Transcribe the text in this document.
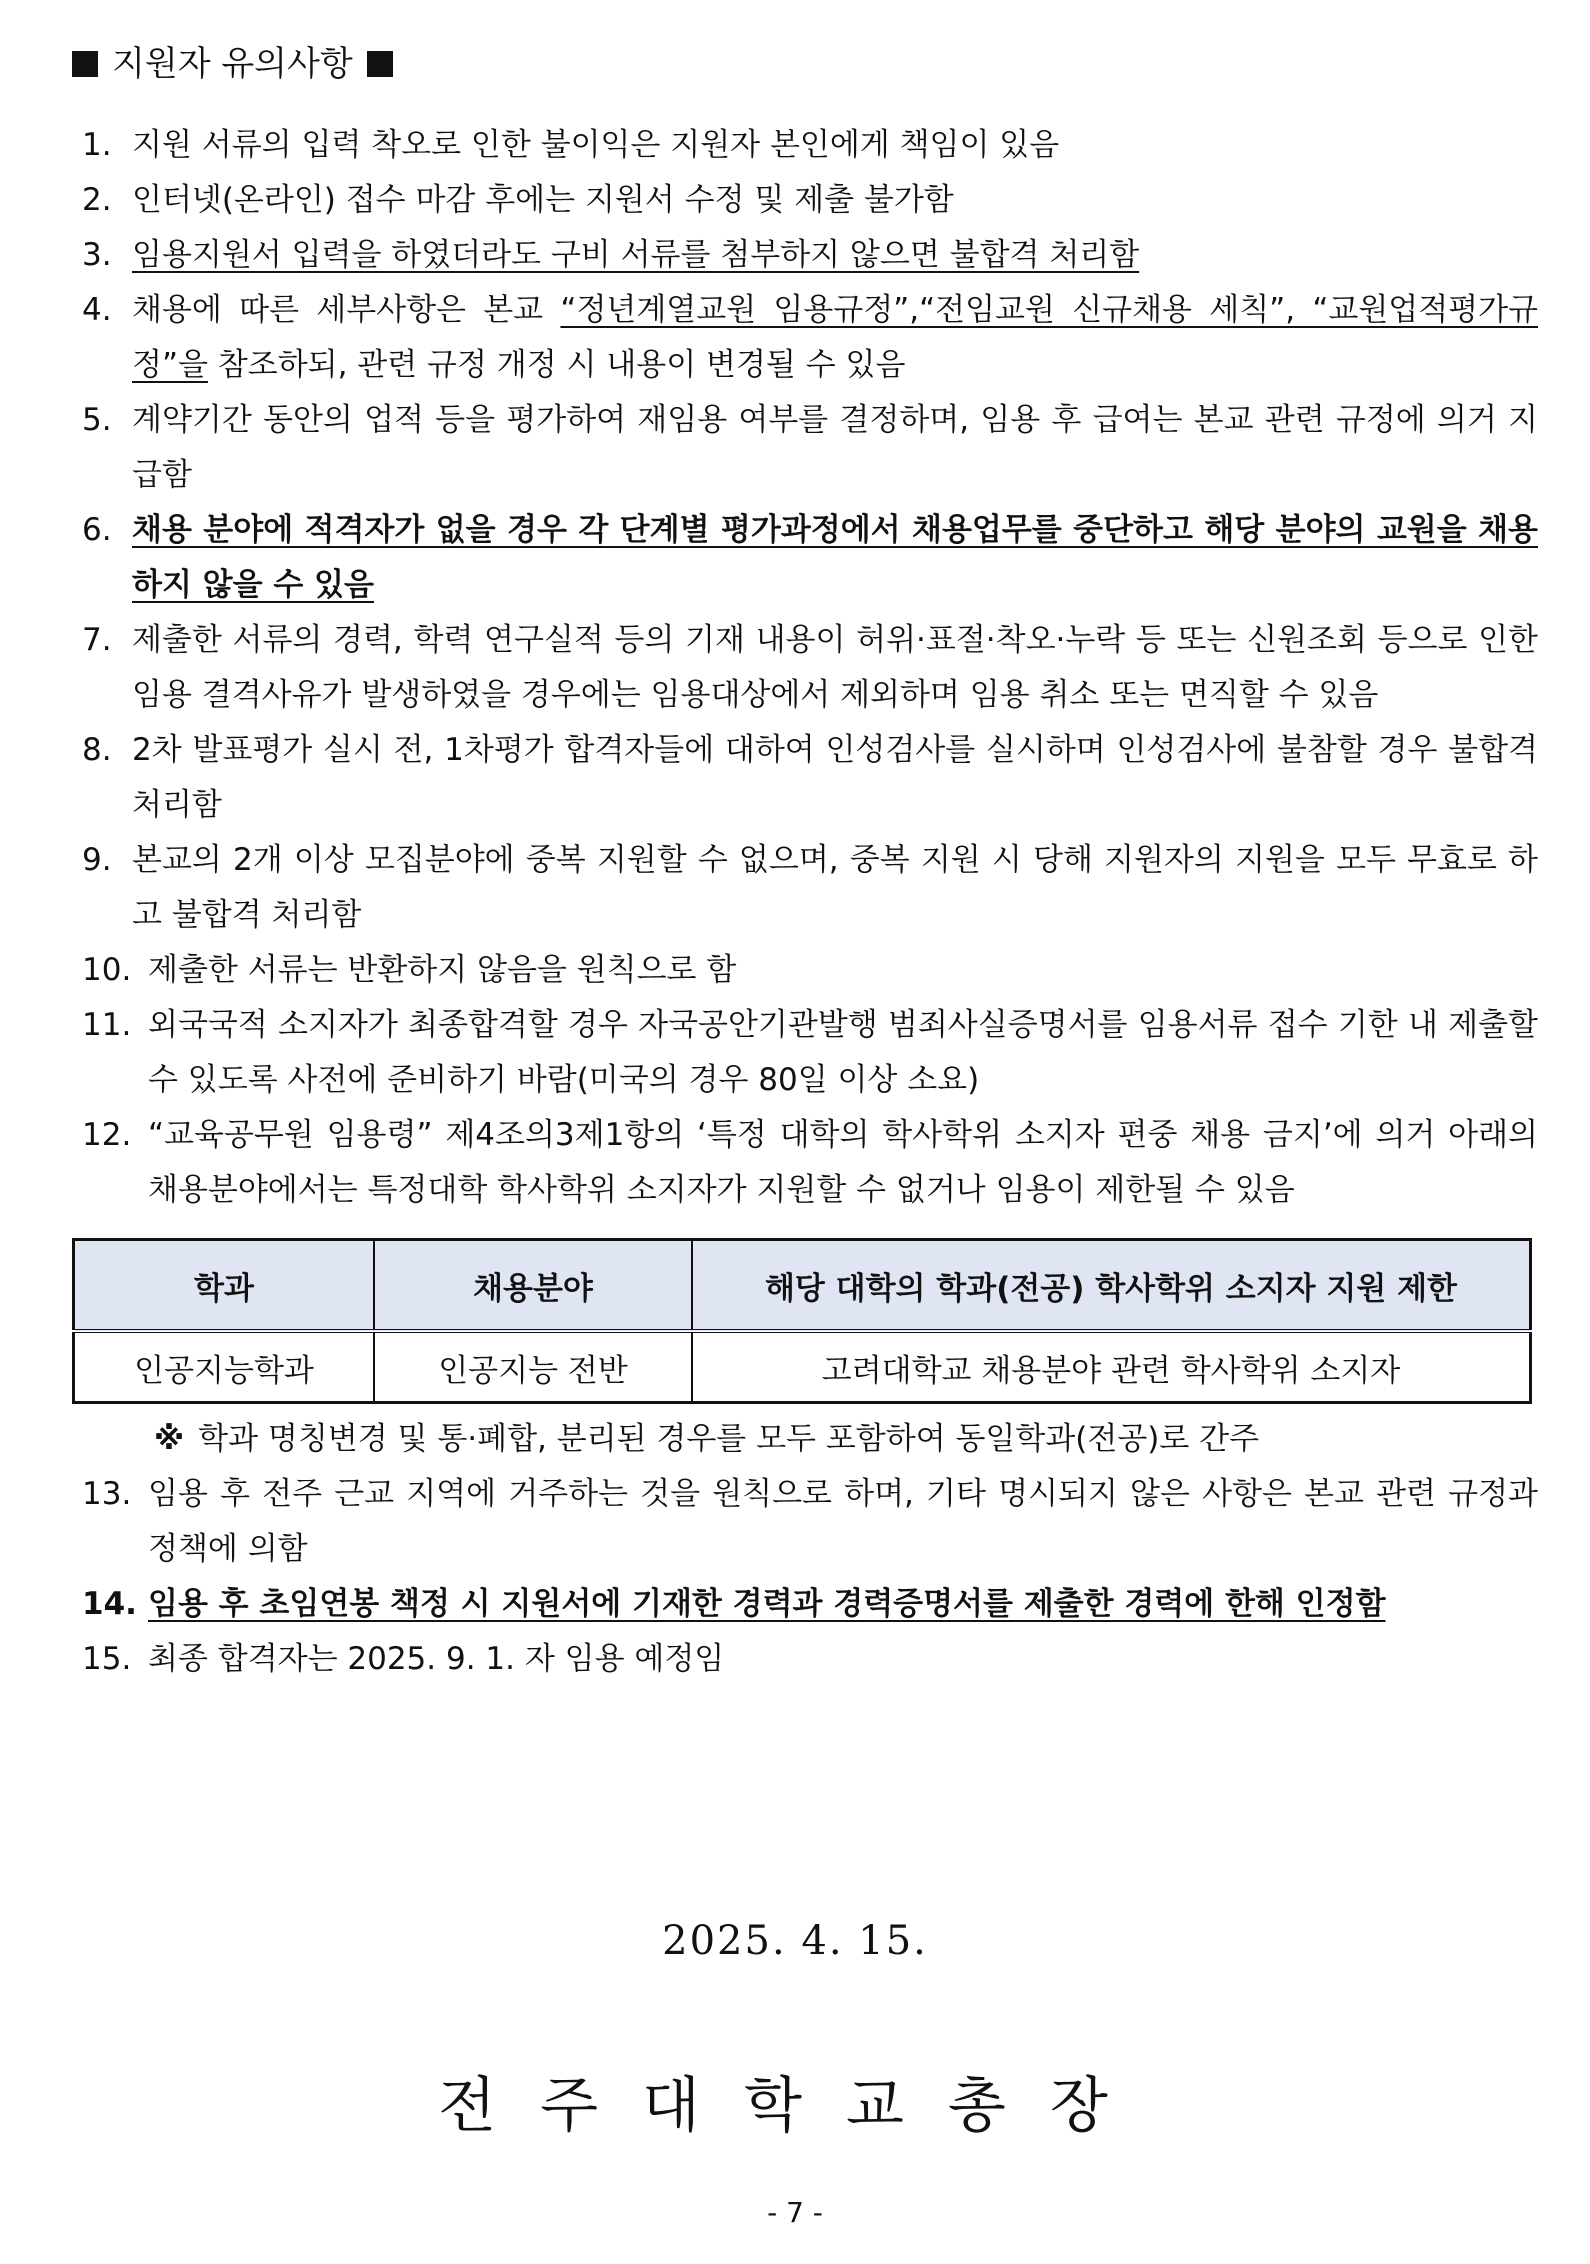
지원자 유의사항
1. 지원 서류의 입력 착오로 인한 불이익은 지원자 본인에게 책임이 있음
2. 인터넷(온라인) 접수 마감 후에는 지원서 수정 및 제출 불가함
3. 임용지원서 입력을 하였더라도 구비 서류를 첨부하지 않으면 불합격 처리함
4. 채용에 따른 세부사항은 본교 “정년계열교원 임용규정”,“전임교원 신규채용 세칙”, “교원업적평가규정”을 참조하되, 관련 규정 개정 시 내용이 변경될 수 있음
5. 계약기간 동안의 업적 등을 평가하여 재임용 여부를 결정하며, 임용 후 급여는 본교 관련 규정에 의거 지급함
6. 채용 분야에 적격자가 없을 경우 각 단계별 평가과정에서 채용업무를 중단하고 해당 분야의 교원을 채용하지 않을 수 있음
7. 제출한 서류의 경력, 학력 연구실적 등의 기재 내용이 허위·표절·착오·누락 등 또는 신원조회 등으로 인한 임용 결격사유가 발생하였을 경우에는 임용대상에서 제외하며 임용 취소 또는 면직할 수 있음
8. 2차 발표평가 실시 전, 1차평가 합격자들에 대하여 인성검사를 실시하며 인성검사에 불참할 경우 불합격 처리함
9. 본교의 2개 이상 모집분야에 중복 지원할 수 없으며, 중복 지원 시 당해 지원자의 지원을 모두 무효로 하고 불합격 처리함
10. 제출한 서류는 반환하지 않음을 원칙으로 함
11. 외국국적 소지자가 최종합격할 경우 자국공안기관발행 범죄사실증명서를 임용서류 접수 기한 내 제출할 수 있도록 사전에 준비하기 바람(미국의 경우 80일 이상 소요)
12. “교육공무원 임용령” 제4조의3제1항의 ‘특정 대학의 학사학위 소지자 편중 채용 금지’에 의거 아래의 채용분야에서는 특정대학 학사학위 소지자가 지원할 수 없거나 임용이 제한될 수 있음
학과	채용분야	해당 대학의 학과(전공) 학사학위 소지자 지원 제한
인공지능학과	인공지능 전반	고려대학교 채용분야 관련 학사학위 소지자
※ 학과 명칭변경 및 통·폐합, 분리된 경우를 모두 포함하여 동일학과(전공)로 간주
13. 임용 후 전주 근교 지역에 거주하는 것을 원칙으로 하며, 기타 명시되지 않은 사항은 본교 관련 규정과 정책에 의함
14. 임용 후 초임연봉 책정 시 지원서에 기재한 경력과 경력증명서를 제출한 경력에 한해 인정함
15. 최종 합격자는 2025. 9. 1. 자 임용 예정임
2025. 4. 15.
전주대학교총장
- 7 -
